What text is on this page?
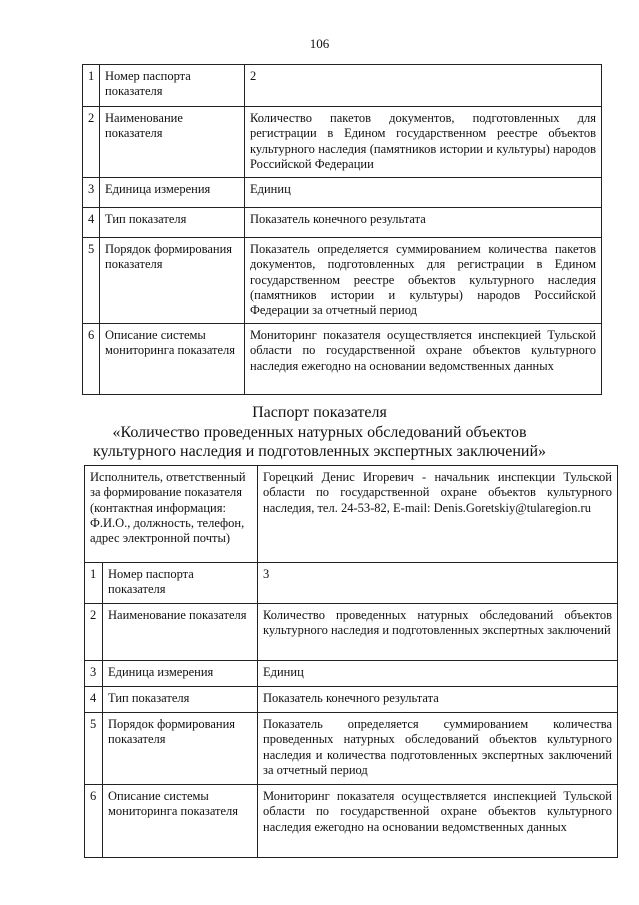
106
1	Номер паспорта показателя	2
2	Наименование показателя	Количество пакетов документов, подготовленных для регистрации в Едином государственном реестре объектов культурного наследия (памятников истории и культуры) народов Российской Федерации
3	Единица измерения	Единиц
4	Тип показателя	Показатель конечного результата
5	Порядок формирования показателя	Показатель определяется суммированием количества пакетов документов, подготовленных для регистрации в Едином государственном реестре объектов культурного наследия (памятников истории и культуры) народов Российской Федерации за отчетный период
6	Описание системы мониторинга показателя	Мониторинг показателя осуществляется инспекцией Тульской области по государственной охране объектов культурного наследия ежегодно на основании ведомственных данных
Паспорт показателя
«Количество проведенных натурных обследований объектов
культурного наследия и подготовленных экспертных заключений»
Исполнитель, ответственный за формирование показателя (контактная информация: Ф.И.О., должность, телефон, адрес электронной почты)		Горецкий Денис Игоревич - начальник инспекции Тульской области по государственной охране объектов культурного наследия, тел. 24-53-82, E-mail: Denis.Goretskiy@tularegion.ru
1	Номер паспорта показателя	3
2	Наименование показателя	Количество проведенных натурных обследований объектов культурного наследия и подготовленных экспертных заключений
3	Единица измерения	Единиц
4	Тип показателя	Показатель конечного результата
5	Порядок формирования показателя	Показатель определяется суммированием количества проведенных натурных обследований объектов культурного наследия и количества подготовленных экспертных заключений за отчетный период
6	Описание системы мониторинга показателя	Мониторинг показателя осуществляется инспекцией Тульской области по государственной охране объектов культурного наследия ежегодно на основании ведомственных данных
